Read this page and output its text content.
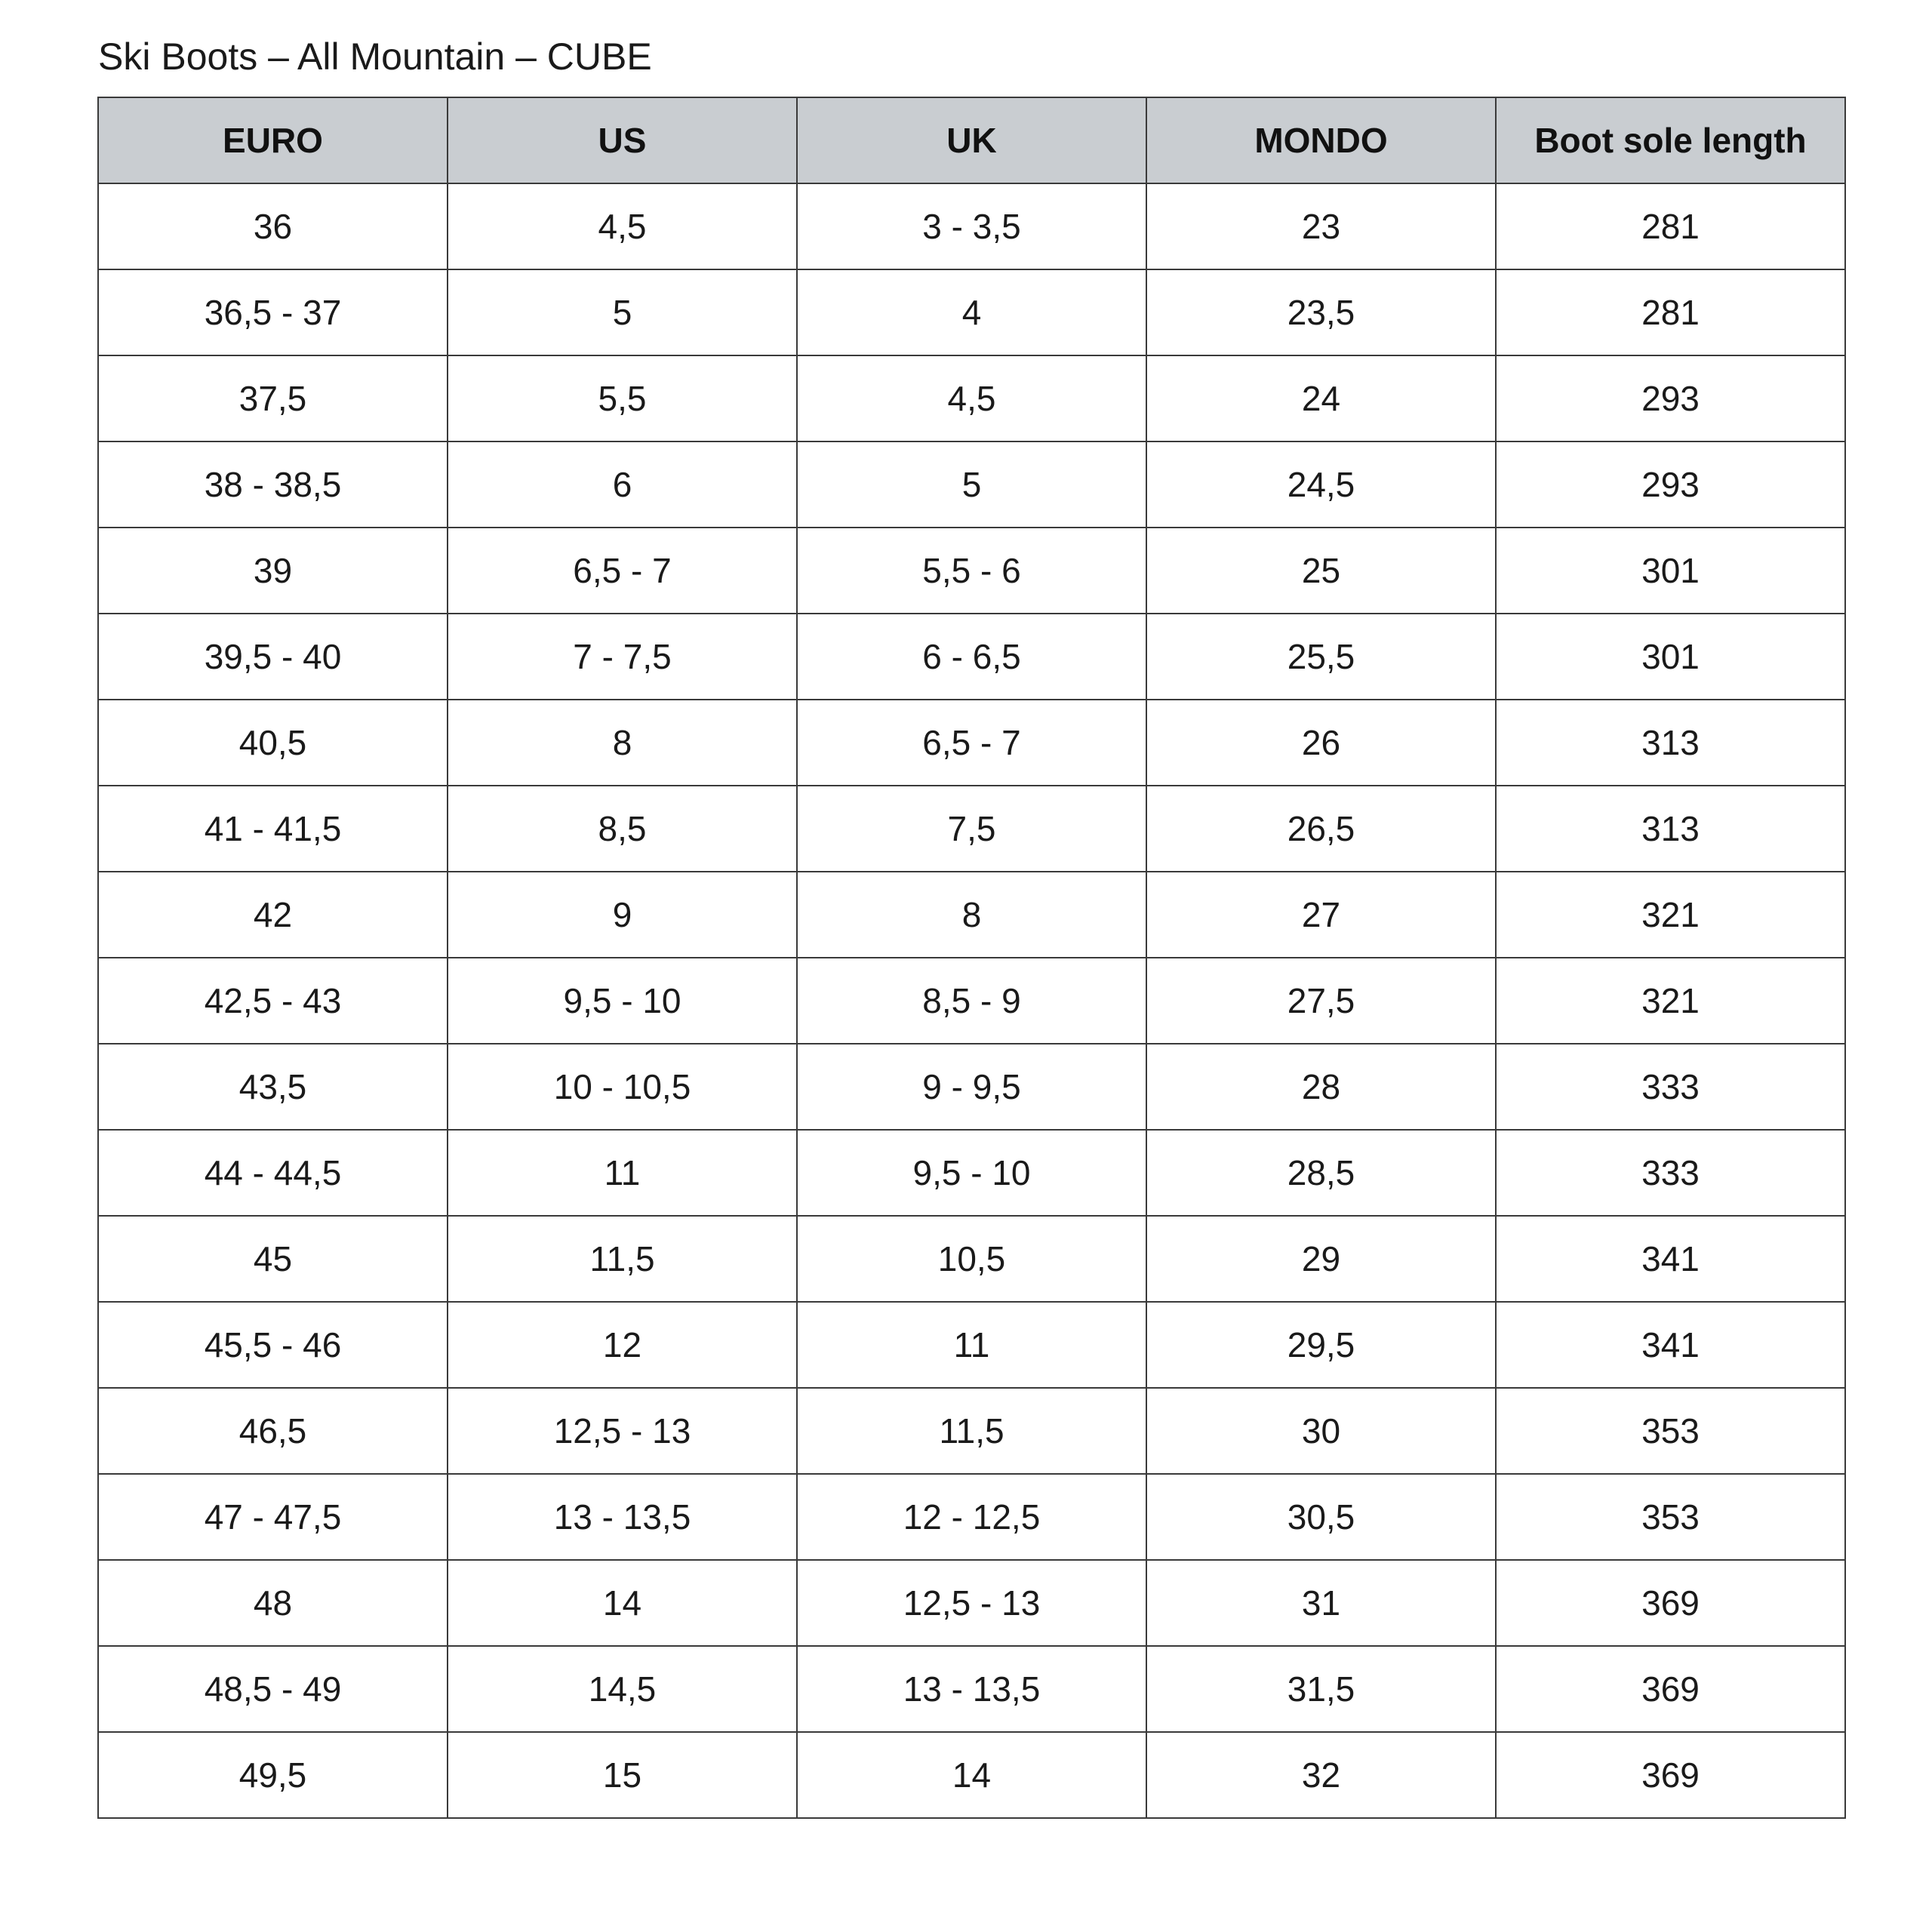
Ski Boots – All Mountain – CUBE
EURO	US	UK	MONDO	Boot sole length
36	4,5	3 - 3,5	23	281
36,5 - 37	5	4	23,5	281
37,5	5,5	4,5	24	293
38 - 38,5	6	5	24,5	293
39	6,5 - 7	5,5 - 6	25	301
39,5 - 40	7 - 7,5	6 - 6,5	25,5	301
40,5	8	6,5 - 7	26	313
41 - 41,5	8,5	7,5	26,5	313
42	9	8	27	321
42,5 - 43	9,5 - 10	8,5 - 9	27,5	321
43,5	10 - 10,5	9 - 9,5	28	333
44 - 44,5	11	9,5 - 10	28,5	333
45	11,5	10,5	29	341
45,5 - 46	12	11	29,5	341
46,5	12,5 - 13	11,5	30	353
47 - 47,5	13 - 13,5	12 - 12,5	30,5	353
48	14	12,5 - 13	31	369
48,5 - 49	14,5	13 - 13,5	31,5	369
49,5	15	14	32	369
